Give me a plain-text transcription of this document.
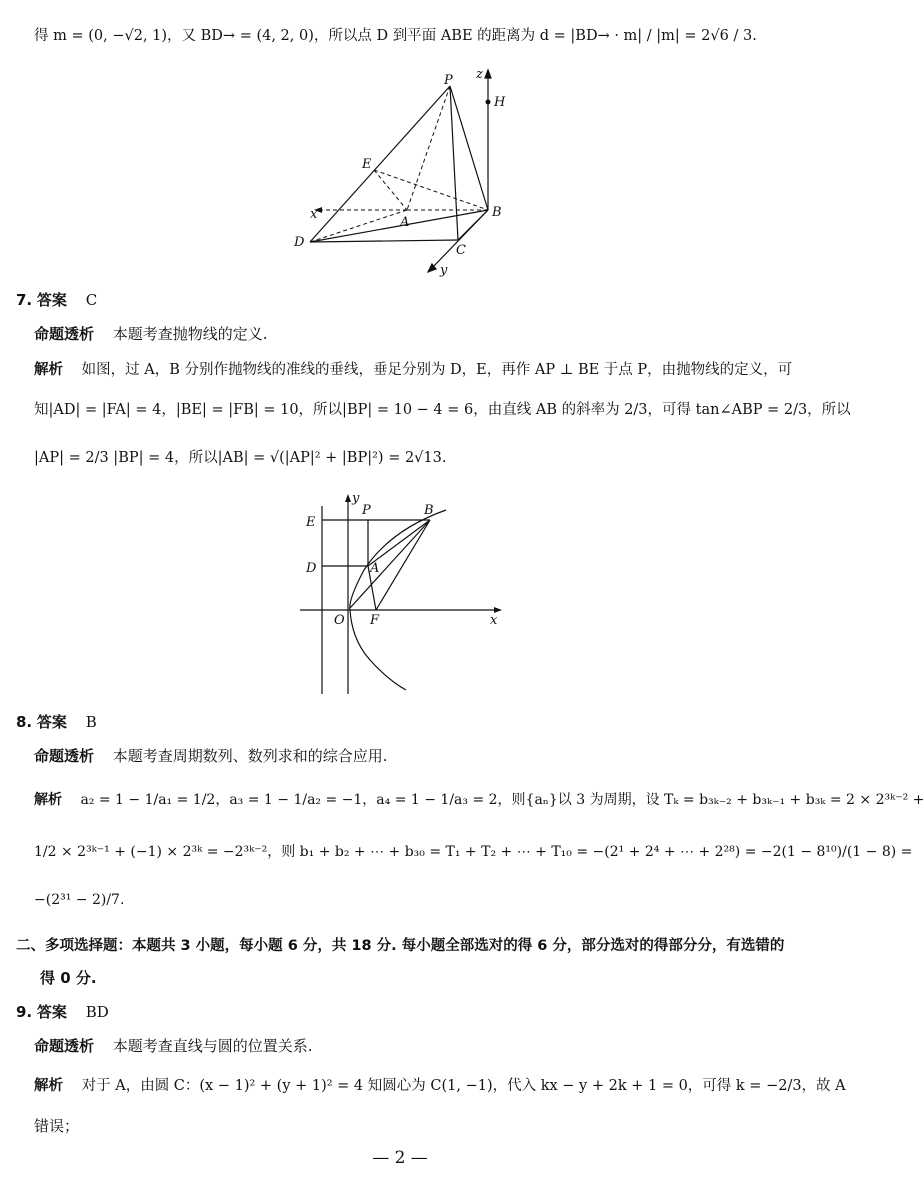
得 m = (0, −√2, 1)，又 BD→ = (4, 2, 0)，所以点 D 到平面 ABE 的距离为 d = |BD→ · m| / |m| = 2√6 / 3.
P
H
z
E
A
B
x
D
C
y
7. 答案 C
命题透析 本题考查抛物线的定义.
解析 如图，过 A，B 分别作抛物线的准线的垂线，垂足分别为 D，E，再作 AP ⊥ BE 于点 P，由抛物线的定义，可
知|AD| = |FA| = 4，|BE| = |FB| = 10，所以|BP| = 10 − 4 = 6，由直线 AB 的斜率为 2/3，可得 tan∠ABP = 2/3，所以
|AP| = 2/3 |BP| = 4，所以|AB| = √(|AP|² + |BP|²) = 2√13.
y
E
P	B
D	A
O F	x
8. 答案 B
命题透析 本题考查周期数列、数列求和的综合应用.
解析 a₂ = 1 − 1/a₁ = 1/2，a₃ = 1 − 1/a₂ = −1，a₄ = 1 − 1/a₃ = 2，则{aₙ}以 3 为周期，设 Tₖ = b₃ₖ₋₂ + b₃ₖ₋₁ + b₃ₖ = 2 × 2³ᵏ⁻² +
1/2 × 2³ᵏ⁻¹ + (−1) × 2³ᵏ = −2³ᵏ⁻²，则 b₁ + b₂ + ⋯ + b₃₀ = T₁ + T₂ + ⋯ + T₁₀ = −(2¹ + 2⁴ + ⋯ + 2²⁸) = −2(1 − 8¹⁰)/(1 − 8) =
−(2³¹ − 2)/7.
二、多项选择题：本题共 3 小题，每小题 6 分，共 18 分. 每小题全部选对的得 6 分，部分选对的得部分分，有选错的
得 0 分.
9. 答案 BD
命题透析 本题考查直线与圆的位置关系.
解析 对于 A，由圆 C：(x − 1)² + (y + 1)² = 4 知圆心为 C(1, −1)，代入 kx − y + 2k + 1 = 0，可得 k = −2/3，故 A
错误；
— 2 —
